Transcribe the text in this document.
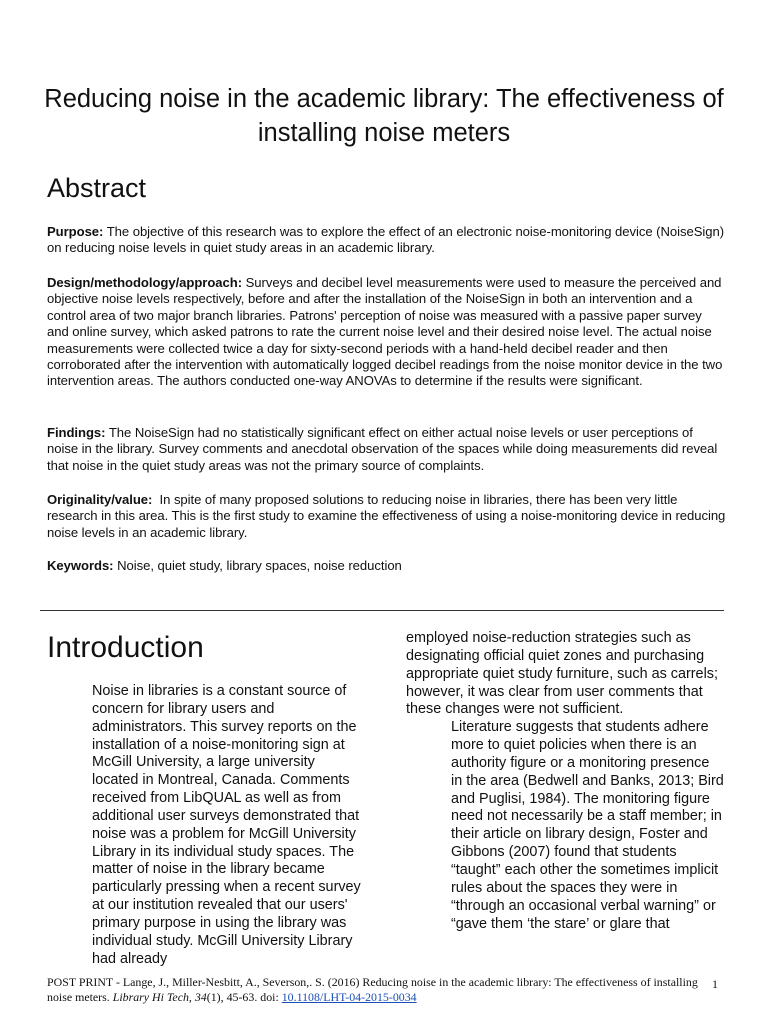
Reducing noise in the academic library: The effectiveness of installing noise meters
Abstract

Purpose: The objective of this research was to explore the effect of an electronic noise-monitoring device (NoiseSign) on reducing noise levels in quiet study areas in an academic library.

Design/methodology/approach: Surveys and decibel level measurements were used to measure the perceived and objective noise levels respectively, before and after the installation of the NoiseSign in both an intervention and a control area of two major branch libraries. Patrons' perception of noise was measured with a passive paper survey and online survey, which asked patrons to rate the current noise level and their desired noise level. The actual noise measurements were collected twice a day for sixty-second periods with a hand-held decibel reader and then corroborated after the intervention with automatically logged decibel readings from the noise monitor device in the two intervention areas. The authors conducted one-way ANOVAs to determine if the results were significant.

Findings: The NoiseSign had no statistically significant effect on either actual noise levels or user perceptions of noise in the library. Survey comments and anecdotal observation of the spaces while doing measurements did reveal that noise in the quiet study areas was not the primary source of complaints.

Originality/value: In spite of many proposed solutions to reducing noise in libraries, there has been very little research in this area. This is the first study to examine the effectiveness of using a noise-monitoring device in reducing noise levels in an academic library.

Keywords: Noise, quiet study, library spaces, noise reduction

Introduction

Noise in libraries is a constant source of concern for library users and administrators. This survey reports on the installation of a noise-monitoring sign at McGill University, a large university located in Montreal, Canada. Comments received from LibQUAL as well as from additional user surveys demonstrated that noise was a problem for McGill University Library in its individual study spaces. The matter of noise in the library became particularly pressing when a recent survey at our institution revealed that our users' primary purpose in using the library was individual study. McGill University Library had already

employed noise-reduction strategies such as designating official quiet zones and purchasing appropriate quiet study furniture, such as carrels; however, it was clear from user comments that these changes were not sufficient.

Literature suggests that students adhere more to quiet policies when there is an authority figure or a monitoring presence in the area (Bedwell and Banks, 2013; Bird and Puglisi, 1984). The monitoring figure need not necessarily be a staff member; in their article on library design, Foster and Gibbons (2007) found that students “taught” each other the sometimes implicit rules about the spaces they were in “through an occasional verbal warning” or “gave them ‘the stare’ or glare that

POST PRINT - Lange, J., Miller-Nesbitt, A., Severson,. S. (2016) Reducing noise in the academic library: The effectiveness of installing noise meters. Library Hi Tech, 34(1), 45-63. doi: 10.1108/LHT-04-2015-0034

1
